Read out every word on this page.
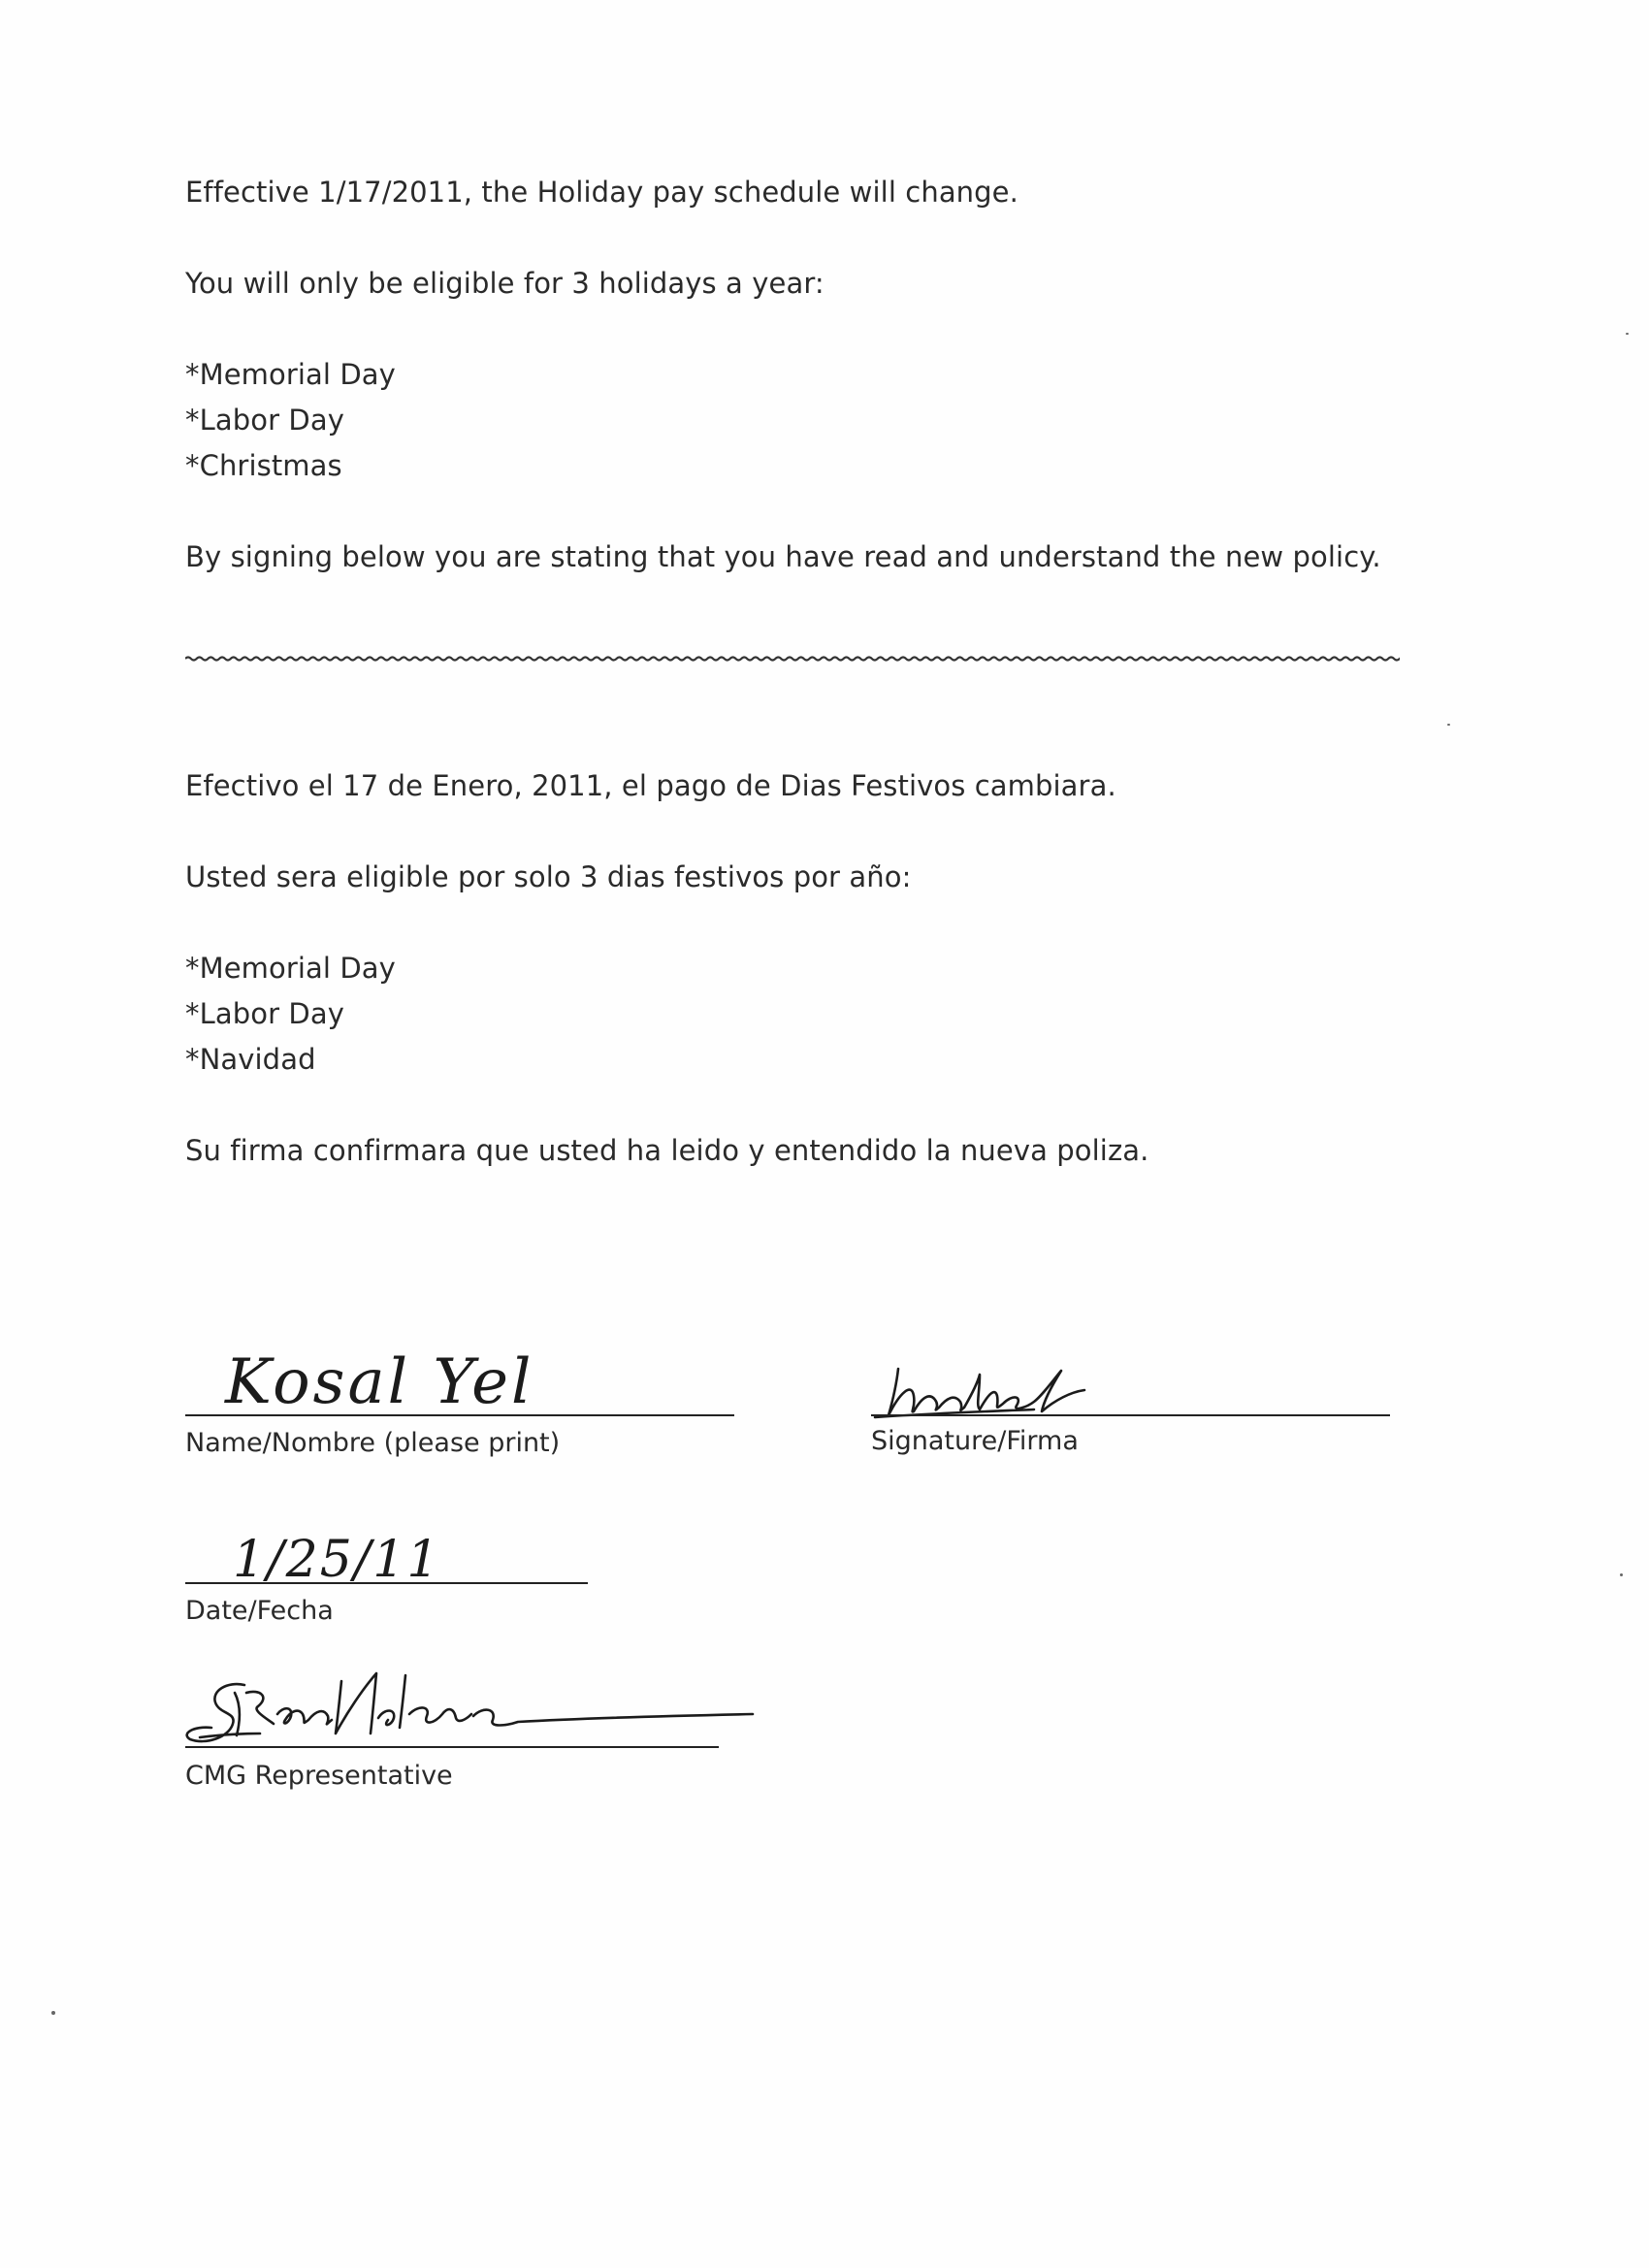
Effective 1/17/2011, the Holiday pay schedule will change.
You will only be eligible for 3 holidays a year:
*Memorial Day
*Labor Day
*Christmas
By signing below you are stating that you have read and understand the new policy.
Efectivo el 17 de Enero, 2011, el pago de Dias Festivos cambiara.
Usted sera eligible por solo 3 dias festivos por año:
*Memorial Day
*Labor Day
*Navidad
Su firma confirmara que usted ha leido y entendido la nueva poliza.
Kosal Yel
Name/Nombre (please print)	Signature/Firma
1/25/11
Date/Fecha
CMG Representative
